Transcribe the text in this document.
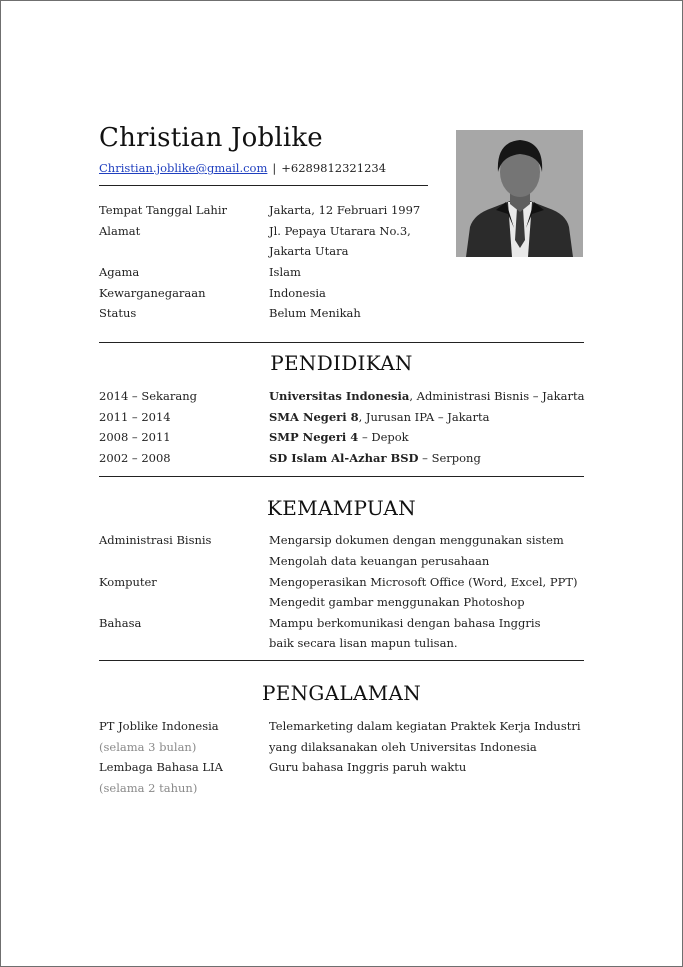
Christian Joblike
Christian.joblike@gmail.com | +6289812321234
Tempat Tanggal Lahir	Jakarta, 12 Februari 1997
Alamat	Jl. Pepaya Utarara No.3,
Jakarta Utara
Agama	Islam
Kewarganegaraan	Indonesia
Status	Belum Menikah
PENDIDIKAN
2014 – Sekarang	Universitas Indonesia, Administrasi Bisnis – Jakarta
2011 – 2014	SMA Negeri 8, Jurusan IPA – Jakarta
2008 – 2011	SMP Negeri 4 – Depok
2002 – 2008	SD Islam Al-Azhar BSD – Serpong
KEMAMPUAN
Administrasi Bisnis	Mengarsip dokumen dengan menggunakan sistem
Mengolah data keuangan perusahaan
Komputer	Mengoperasikan Microsoft Office (Word, Excel, PPT)
Mengedit gambar menggunakan Photoshop
Bahasa	Mampu berkomunikasi dengan bahasa Inggris
baik secara lisan mapun tulisan.
PENGALAMAN
PT Joblike Indonesia	Telemarketing dalam kegiatan Praktek Kerja Industri
(selama 3 bulan)	yang dilaksanakan oleh Universitas Indonesia
Lembaga Bahasa LIA	Guru bahasa Inggris paruh waktu
(selama 2 tahun)
